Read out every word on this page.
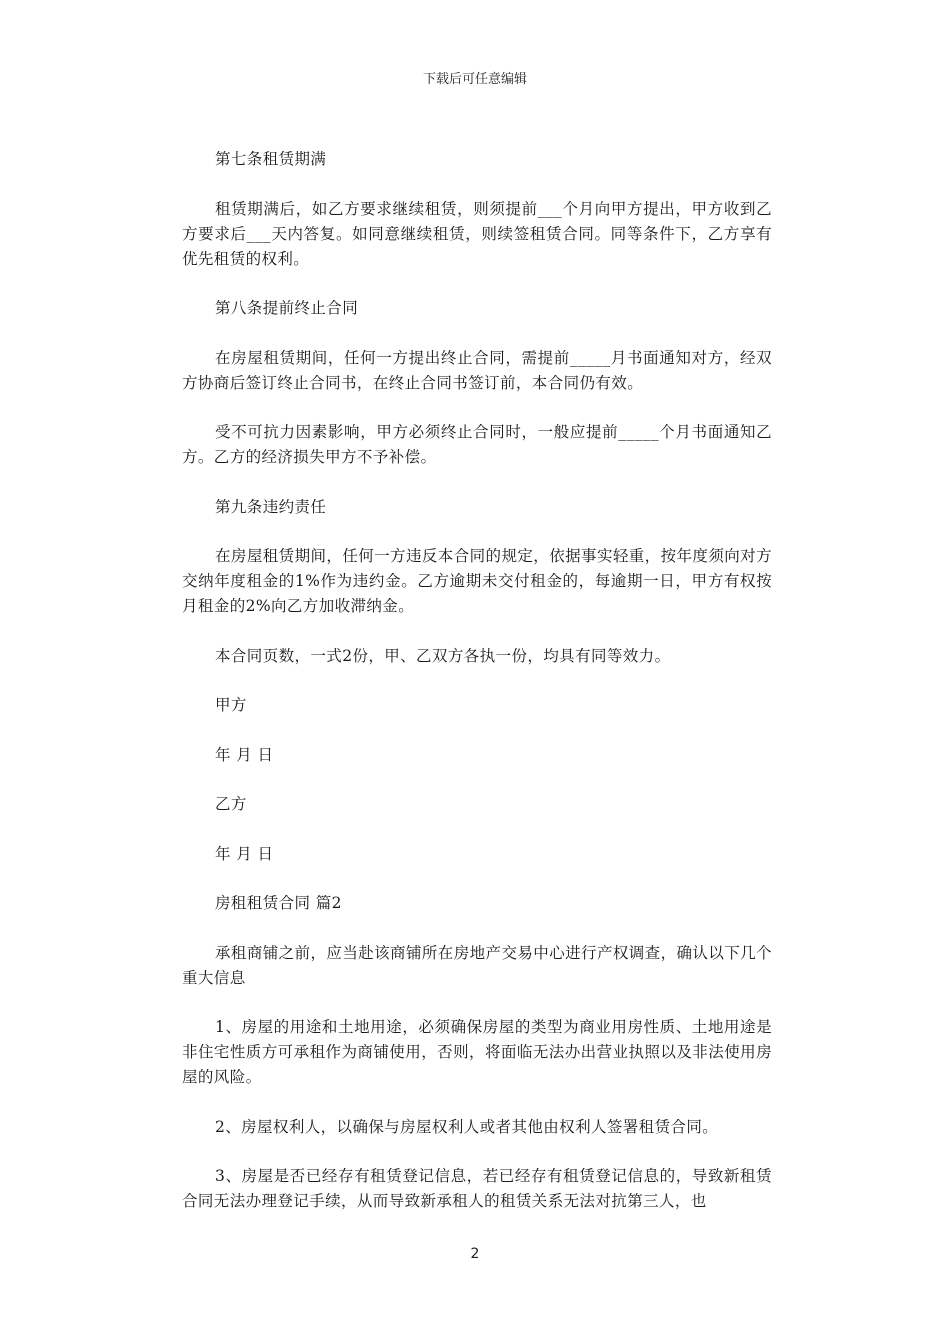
下载后可任意编辑

第七条租赁期满

租赁期满后，如乙方要求继续租赁，则须提前___个月向甲方提出，甲方收到乙方要求后___天内答复。如同意继续租赁，则续签租赁合同。同等条件下，乙方享有优先租赁的权利。

第八条提前终止合同

在房屋租赁期间，任何一方提出终止合同，需提前_____月书面通知对方，经双方协商后签订终止合同书，在终止合同书签订前，本合同仍有效。

受不可抗力因素影响，甲方必须终止合同时，一般应提前_____个月书面通知乙方。乙方的经济损失甲方不予补偿。

第九条违约责任

在房屋租赁期间，任何一方违反本合同的规定，依据事实轻重，按年度须向对方交纳年度租金的1%作为违约金。乙方逾期未交付租金的，每逾期一日，甲方有权按月租金的2%向乙方加收滞纳金。

本合同页数，一式2份，甲、乙双方各执一份，均具有同等效力。

甲方

年 月 日

乙方

年 月 日

房租租赁合同 篇2

承租商铺之前，应当赴该商铺所在房地产交易中心进行产权调查，确认以下几个重大信息

1、房屋的用途和土地用途，必须确保房屋的类型为商业用房性质、土地用途是非住宅性质方可承租作为商铺使用，否则，将面临无法办出营业执照以及非法使用房屋的风险。

2、房屋权利人，以确保与房屋权利人或者其他由权利人签署租赁合同。

3、房屋是否已经存有租赁登记信息，若已经存有租赁登记信息的，导致新租赁合同无法办理登记手续，从而导致新承租人的租赁关系无法对抗第三人，也

2
